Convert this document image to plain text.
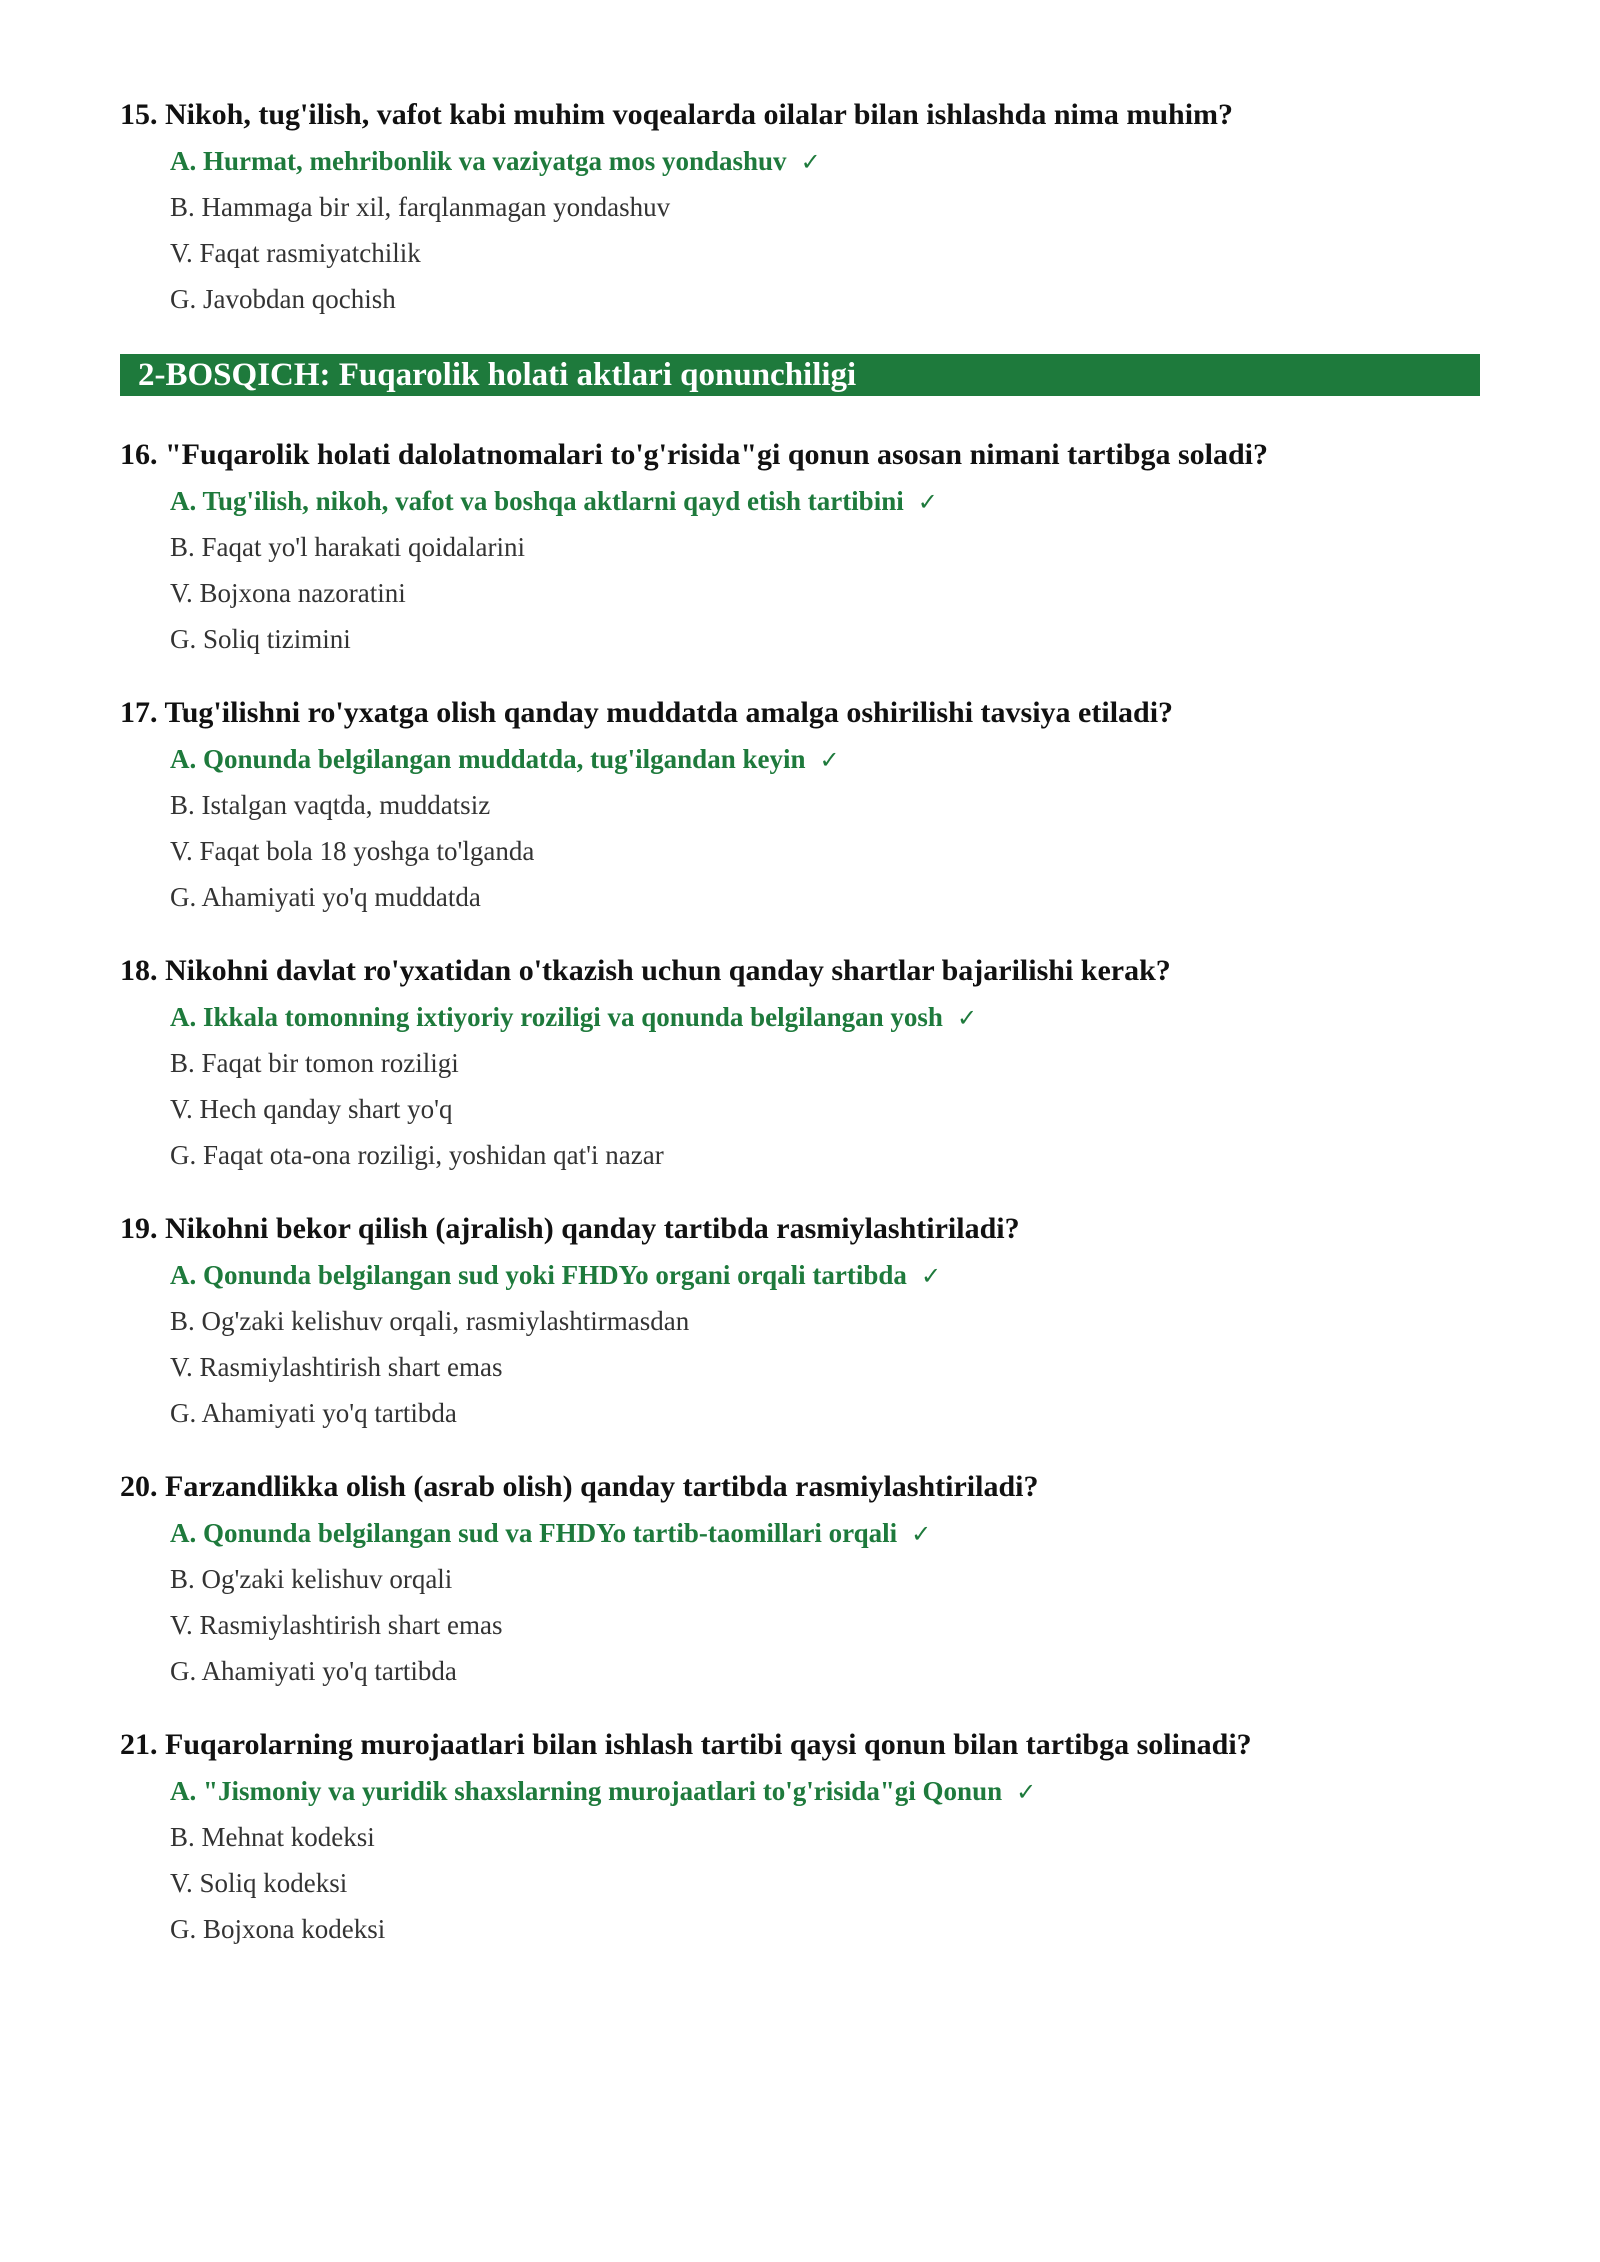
15. Nikoh, tug'ilish, vafot kabi muhim voqealarda oilalar bilan ishlashda nima muhim?
A. Hurmat, mehribonlik va vaziyatga mos yondashuv ✓
B. Hammaga bir xil, farqlanmagan yondashuv
V. Faqat rasmiyatchilik
G. Javobdan qochish
2-BOSQICH: Fuqarolik holati aktlari qonunchiligi
16. "Fuqarolik holati dalolatnomalari to'g'risida"gi qonun asosan nimani tartibga soladi?
A. Tug'ilish, nikoh, vafot va boshqa aktlarni qayd etish tartibini ✓
B. Faqat yo'l harakati qoidalarini
V. Bojxona nazoratini
G. Soliq tizimini
17. Tug'ilishni ro'yxatga olish qanday muddatda amalga oshirilishi tavsiya etiladi?
A. Qonunda belgilangan muddatda, tug'ilgandan keyin ✓
B. Istalgan vaqtda, muddatsiz
V. Faqat bola 18 yoshga to'lganda
G. Ahamiyati yo'q muddatda
18. Nikohni davlat ro'yxatidan o'tkazish uchun qanday shartlar bajarilishi kerak?
A. Ikkala tomonning ixtiyoriy roziligi va qonunda belgilangan yosh ✓
B. Faqat bir tomon roziligi
V. Hech qanday shart yo'q
G. Faqat ota-ona roziligi, yoshidan qat'i nazar
19. Nikohni bekor qilish (ajralish) qanday tartibda rasmiylashtiriladi?
A. Qonunda belgilangan sud yoki FHDYo organi orqali tartibda ✓
B. Og'zaki kelishuv orqali, rasmiylashtirmasdan
V. Rasmiylashtirish shart emas
G. Ahamiyati yo'q tartibda
20. Farzandlikka olish (asrab olish) qanday tartibda rasmiylashtiriladi?
A. Qonunda belgilangan sud va FHDYo tartib-taomillari orqali ✓
B. Og'zaki kelishuv orqali
V. Rasmiylashtirish shart emas
G. Ahamiyati yo'q tartibda
21. Fuqarolarning murojaatlari bilan ishlash tartibi qaysi qonun bilan tartibga solinadi?
A. "Jismoniy va yuridik shaxslarning murojaatlari to'g'risida"gi Qonun ✓
B. Mehnat kodeksi
V. Soliq kodeksi
G. Bojxona kodeksi
